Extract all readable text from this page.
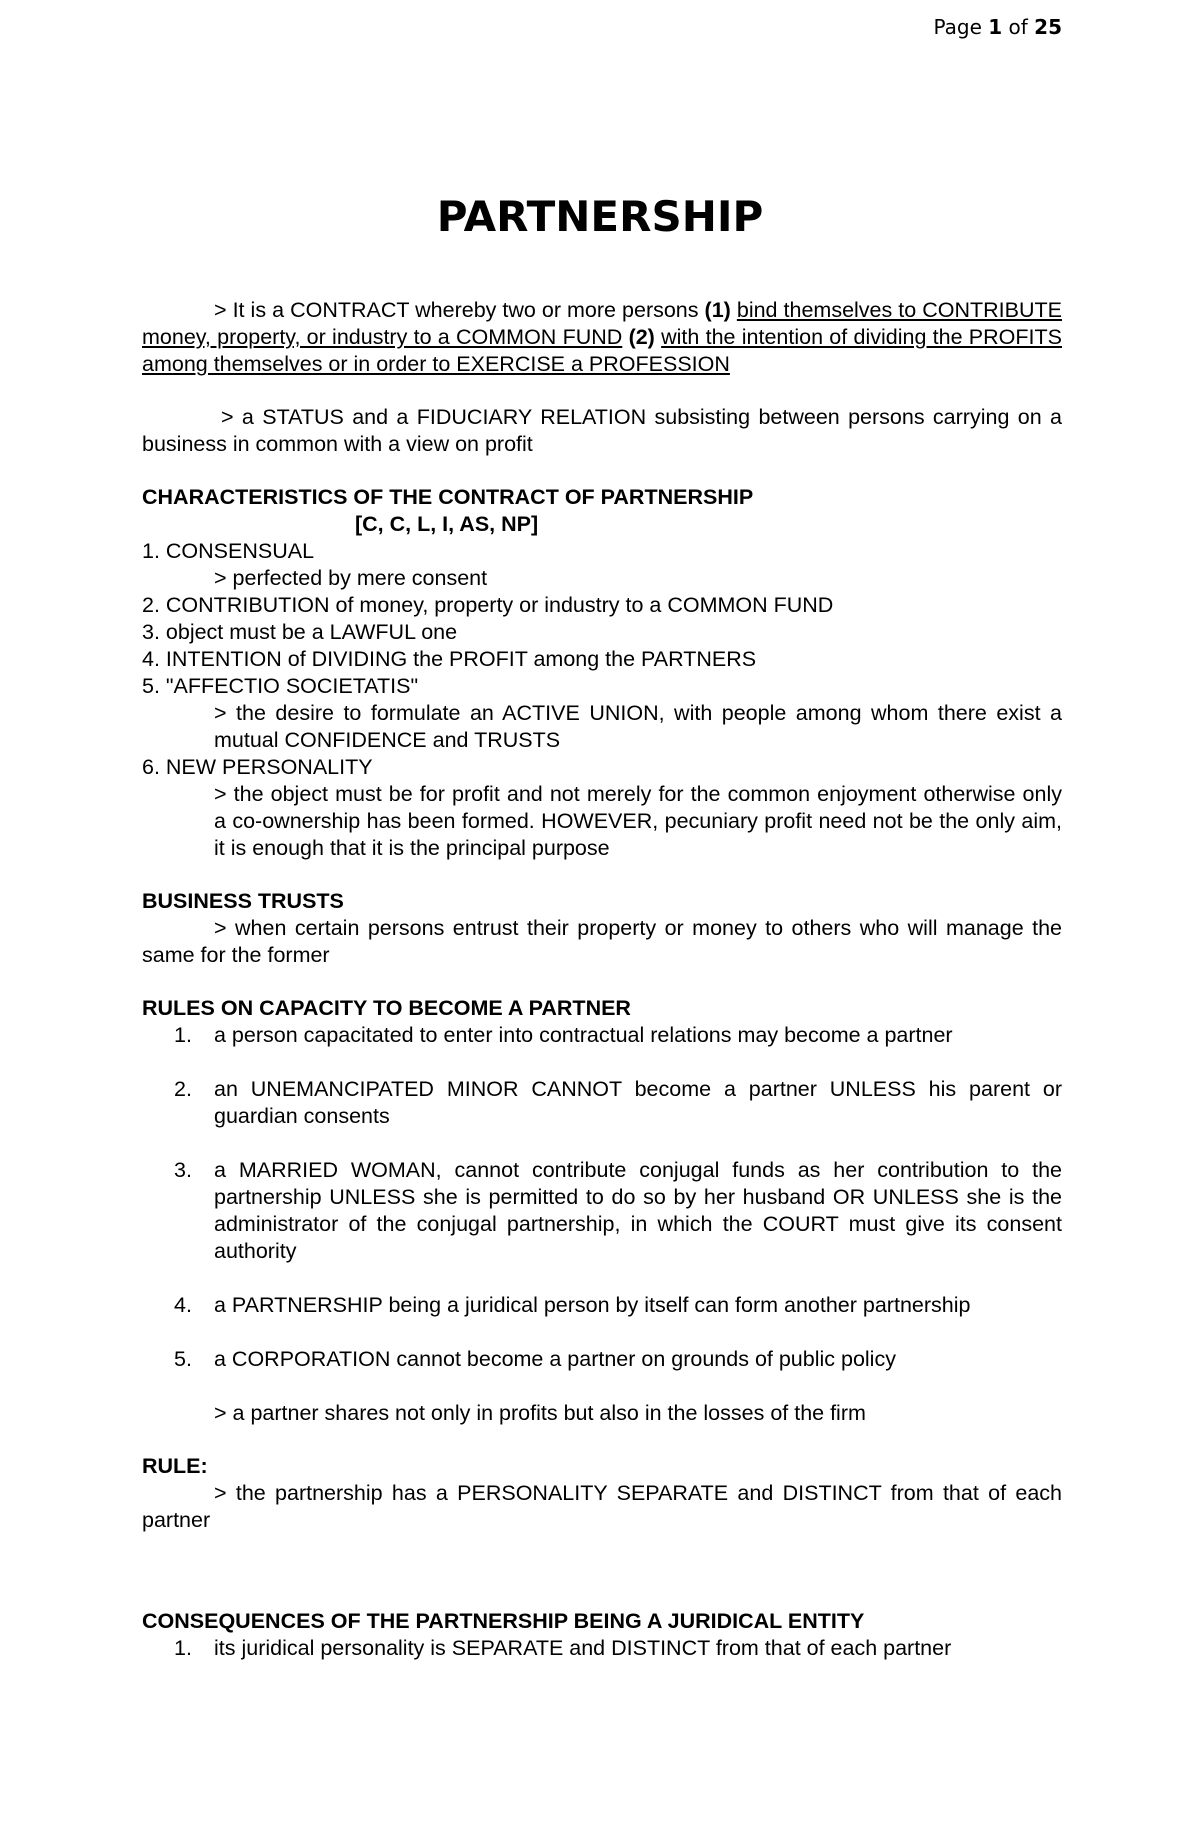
Page 1 of 25
PARTNERSHIP

> It is a CONTRACT whereby two or more persons (1) bind themselves to CONTRIBUTE money, property, or industry to a COMMON FUND (2) with the intention of dividing the PROFITS among themselves or in order to EXERCISE a PROFESSION

> a STATUS and a FIDUCIARY RELATION subsisting between persons carrying on a business in common with a view on profit

CHARACTERISTICS OF THE CONTRACT OF PARTNERSHIP

[C, C, L, I, AS, NP]

1. CONSENSUAL

> perfected by mere consent

2. CONTRIBUTION of money, property or industry to a COMMON FUND

3. object must be a LAWFUL one

4. INTENTION of DIVIDING the PROFIT among the PARTNERS

5. "AFFECTIO SOCIETATIS"

> the desire to formulate an ACTIVE UNION, with people among whom there exist a mutual CONFIDENCE and TRUSTS

6. NEW PERSONALITY

> the object must be for profit and not merely for the common enjoyment otherwise only a co-ownership has been formed. HOWEVER, pecuniary profit need not be the only aim, it is enough that it is the principal purpose

BUSINESS TRUSTS

> when certain persons entrust their property or money to others who will manage the same for the former

RULES ON CAPACITY TO BECOME A PARTNER

1. a person capacitated to enter into contractual relations may become a partner

2. an UNEMANCIPATED MINOR CANNOT become a partner UNLESS his parent or guardian consents

3. a MARRIED WOMAN, cannot contribute conjugal funds as her contribution to the partnership UNLESS she is permitted to do so by her husband OR UNLESS she is the administrator of the conjugal partnership, in which the COURT must give its consent authority

4. a PARTNERSHIP being a juridical person by itself can form another partnership

5. a CORPORATION cannot become a partner on grounds of public policy

> a partner shares not only in profits but also in the losses of the firm

RULE:

> the partnership has a PERSONALITY SEPARATE and DISTINCT from that of each partner

CONSEQUENCES OF THE PARTNERSHIP BEING A JURIDICAL ENTITY

1. its juridical personality is SEPARATE and DISTINCT from that of each partner
